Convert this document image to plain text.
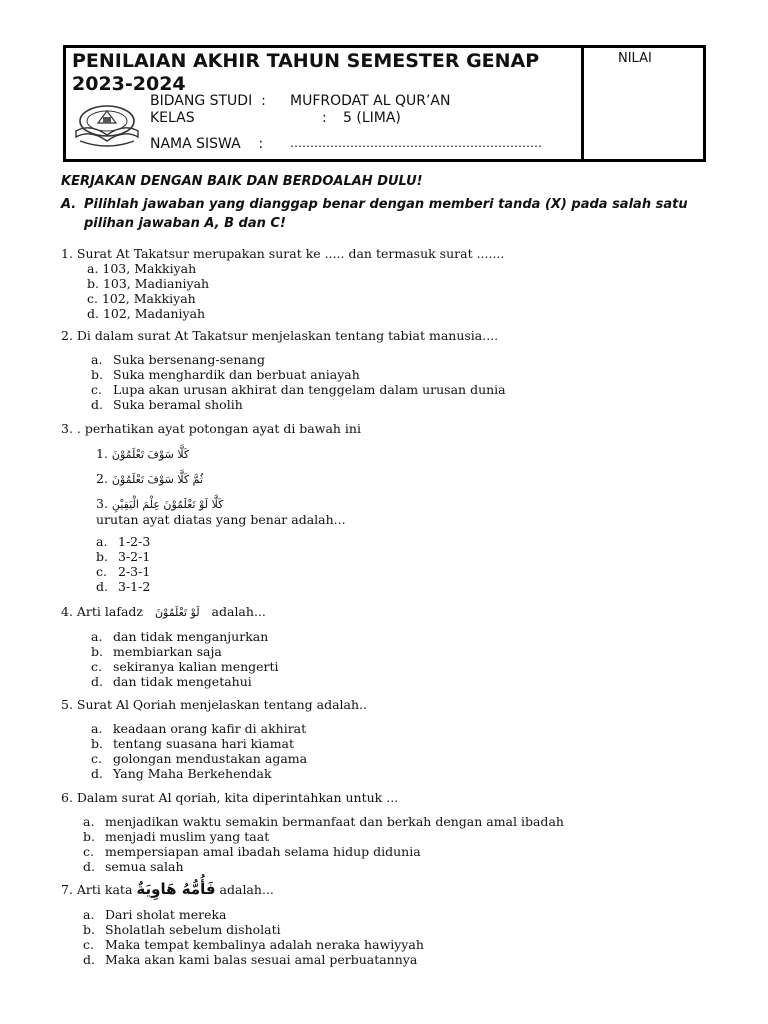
PENILAIAN AKHIR TAHUN SEMESTER GENAP 2023-2024
NILAI
BIDANG STUDI  : MUFRODAT AL QUR’AN
KELAS	: 5 (LIMA)
NAMA SISWA    : ………………………………………………………
KERJAKAN DENGAN BAIK DAN BERDOALAH DULU!
A. Pilihlah jawaban yang dianggap benar dengan memberi tanda (X) pada salah satu pilihan jawaban A, B dan C!
1. Surat At Takatsur merupakan surat ke ..... dan termasuk surat .......
a. 103, Makkiyah
b. 103, Madianiyah
c. 102, Makkiyah
d. 102, Madaniyah
2. Di dalam surat At Takatsur menjelaskan tentang tabiat manusia....
a. Suka bersenang-senang
b. Suka menghardik dan berbuat aniayah
c. Lupa akan urusan akhirat dan tenggelam dalam urusan dunia
d. Suka beramal sholih
3. . perhatikan ayat potongan ayat di bawah ini
1. كَلَّا سَوْفَ تَعْلَمُوْنَ
2. ثُمَّ كَلَّا سَوْفَ تَعْلَمُوْنَ
3. كَلَّا لَوْ تَعْلَمُوْنَ عِلْمَ الْيَقِيْنِ
urutan ayat diatas yang benar adalah...
a. 1-2-3
b. 3-2-1
c. 2-3-1
d. 3-1-2
4. Arti lafadz لَوْ تَعْلَمُوْنَ adalah...
a. dan tidak menganjurkan
b. membiarkan saja
c. sekiranya kalian mengerti
d. dan tidak mengetahui
5. Surat Al Qoriah menjelaskan tentang adalah..
a. keadaan orang kafir di akhirat
b. tentang suasana hari kiamat
c. golongan mendustakan agama
d. Yang Maha Berkehendak
6. Dalam surat Al qoriah, kita diperintahkan untuk ...
a. menjadikan waktu semakin bermanfaat dan berkah dengan amal ibadah
b. menjadi muslim yang taat
c. mempersiapan amal ibadah selama hidup didunia
d. semua salah
7. Arti kata فَأُمُّهُ هَاوِيَةٌ adalah...
a. Dari sholat mereka
b. Sholatlah sebelum disholati
c. Maka tempat kembalinya adalah neraka hawiyyah
d. Maka akan kami balas sesuai amal perbuatannya
